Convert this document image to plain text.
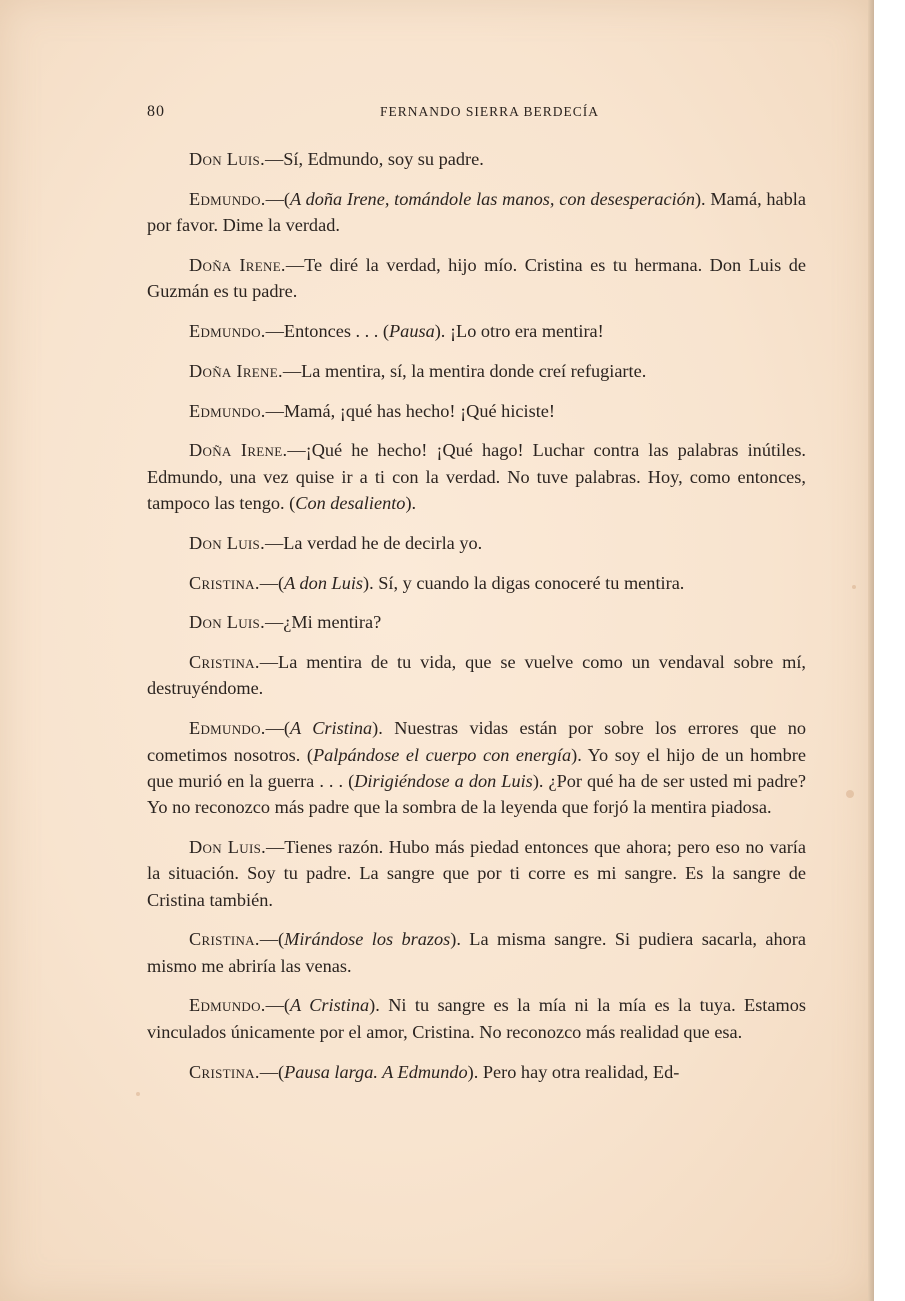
80	FERNANDO SIERRA BERDECÍA

Don Luis.—Sí, Edmundo, soy su padre.

Edmundo.—(A doña Irene, tomándole las manos, con desesperación). Mamá, habla por favor. Dime la verdad.

Doña Irene.—Te diré la verdad, hijo mío. Cristina es tu hermana. Don Luis de Guzmán es tu padre.

Edmundo.—Entonces . . . (Pausa). ¡Lo otro era mentira!

Doña Irene.—La mentira, sí, la mentira donde creí refugiarte.

Edmundo.—Mamá, ¡qué has hecho! ¡Qué hiciste!

Doña Irene.—¡Qué he hecho! ¡Qué hago! Luchar contra las palabras inútiles. Edmundo, una vez quise ir a ti con la verdad. No tuve palabras. Hoy, como entonces, tampoco las tengo. (Con desaliento).

Don Luis.—La verdad he de decirla yo.

Cristina.—(A don Luis). Sí, y cuando la digas conoceré tu mentira.

Don Luis.—¿Mi mentira?

Cristina.—La mentira de tu vida, que se vuelve como un vendaval sobre mí, destruyéndome.

Edmundo.—(A Cristina). Nuestras vidas están por sobre los errores que no cometimos nosotros. (Palpándose el cuerpo con energía). Yo soy el hijo de un hombre que murió en la guerra . . . (Dirigiéndose a don Luis). ¿Por qué ha de ser usted mi padre? Yo no reconozco más padre que la sombra de la leyenda que forjó la mentira piadosa.

Don Luis.—Tienes razón. Hubo más piedad entonces que ahora; pero eso no varía la situación. Soy tu padre. La sangre que por ti corre es mi sangre. Es la sangre de Cristina también.

Cristina.—(Mirándose los brazos). La misma sangre. Si pudiera sacarla, ahora mismo me abriría las venas.

Edmundo.—(A Cristina). Ni tu sangre es la mía ni la mía es la tuya. Estamos vinculados únicamente por el amor, Cristina. No reconozco más realidad que esa.

Cristina.—(Pausa larga. A Edmundo). Pero hay otra realidad, Ed-
